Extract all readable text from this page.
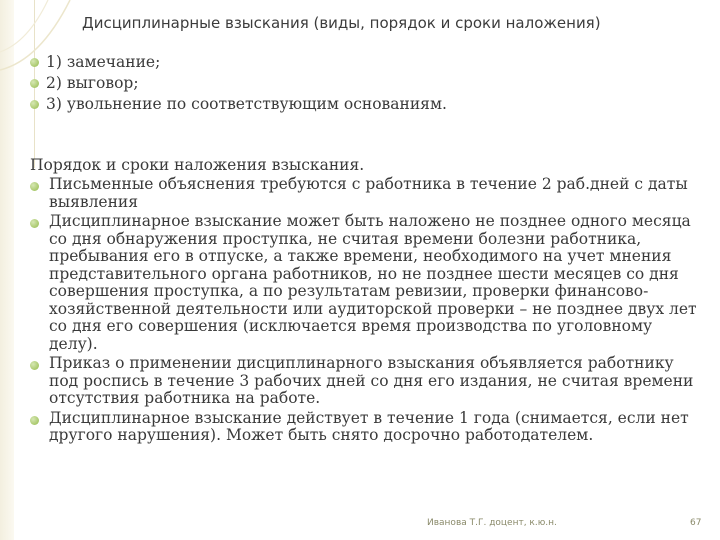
Дисциплинарные взыскания (виды, порядок и сроки наложения)
1) замечание;
2) выговор;
3) увольнение по соответствующим основаниям.
Порядок и сроки наложения взыскания.
Письменные объяснения требуются с работника в течение 2 раб.дней с даты выявления
Дисциплинарное взыскание может быть наложено не позднее одного месяца со дня обнаружения проступка, не считая времени болезни работника, пребывания его в отпуске, а также времени, необходимого на учет мнения представительного органа работников, но не позднее шести месяцев со дня совершения проступка, а по результатам ревизии, проверки финансово-хозяйственной деятельности или аудиторской проверки – не позднее двух лет со дня его совершения (исключается время производства по уголовному делу).
Приказ о применении дисциплинарного взыскания объявляется работнику под роспись в течение 3 рабочих дней со дня его издания, не считая времени отсутствия работника на работе.
Дисциплинарное взыскание действует в течение 1 года (снимается, если нет другого нарушения). Может быть снято досрочно работодателем.
Иванова Т.Г. доцент, к.ю.н.	67
